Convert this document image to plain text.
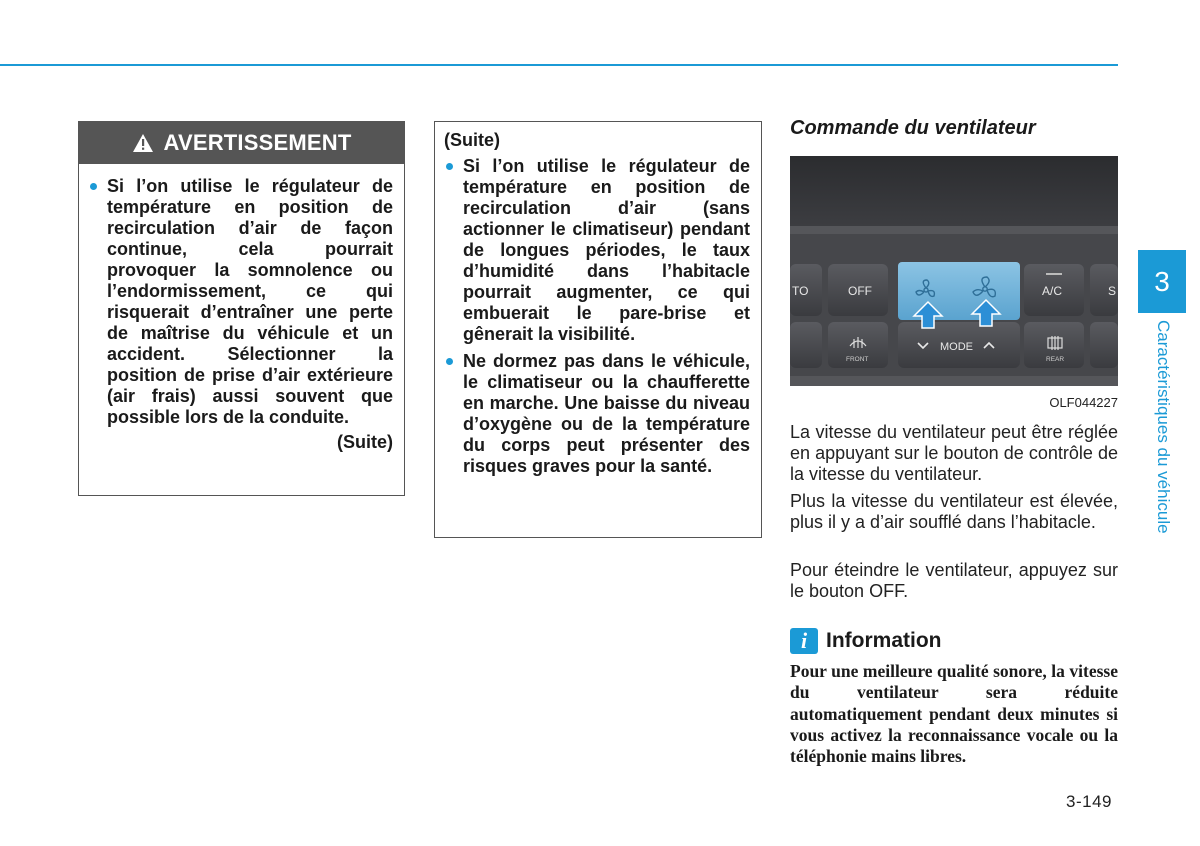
AVERTISSEMENT

Si l’on utilise le régulateur de température en position de recirculation d’air de façon continue, cela pourrait provoquer la somnolence ou l’endormissement, ce qui risquerait d’entraîner une perte de maîtrise du véhicule et un accident. Sélectionner la position de prise d’air extérieure (air frais) aussi souvent que possible lors de la conduite.

(Suite)

(Suite)

Si l’on utilise le régulateur de température en position de recirculation d’air (sans actionner le climatiseur) pendant de longues périodes, le taux d’humidité dans l’habitacle pourrait augmenter, ce qui embuerait le pare-brise et gênerait la visibilité.

Ne dormez pas dans le véhicule, le climatiseur ou la chaufferette en marche. Une baisse du niveau d’oxygène ou de la température du corps peut présenter des risques graves pour la santé.

Commande du ventilateur
TO	OFF	A/C	S
MODE
FRONT	REAR
OLF044227

La vitesse du ventilateur peut être réglée en appuyant sur le bouton de contrôle de la vitesse du ventilateur.

Plus la vitesse du ventilateur est élevée, plus il y a d’air soufflé dans l’habitacle.

Pour éteindre le ventilateur, appuyez sur le bouton OFF.

i Information

Pour une meilleure qualité sonore, la vitesse du ventilateur sera réduite automatiquement pendant deux minutes si vous activez la reconnaissance vocale ou la téléphonie mains libres.

3-149
3
Caractéristiques du véhicule
